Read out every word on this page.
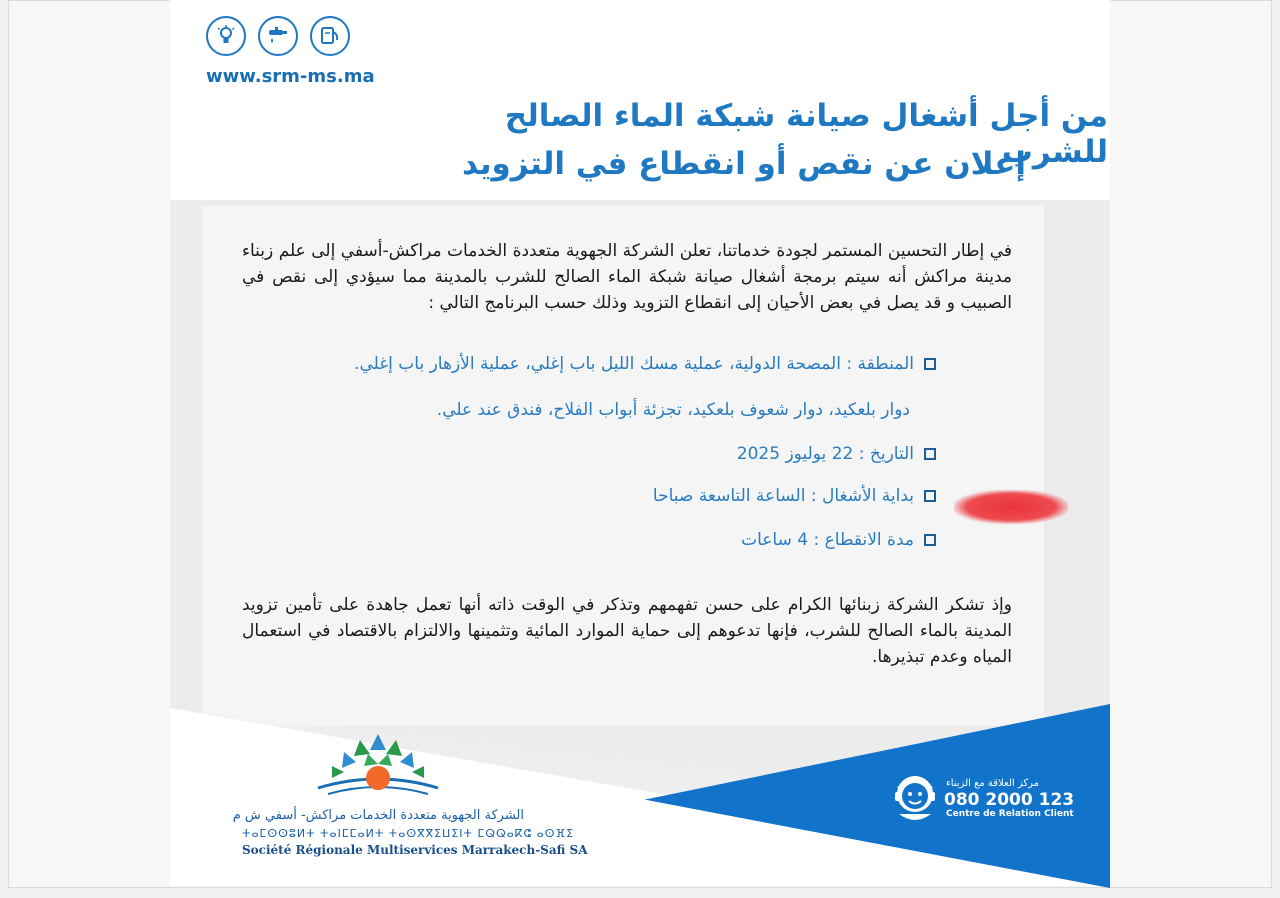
www.srm-ms.ma
من أجل أشغال صيانة شبكة الماء الصالح للشرب
إعلان عن نقص أو انقطاع في التزويد
في إطار التحسين المستمر لجودة خدماتنا، تعلن الشركة الجهوية متعددة الخدمات مراكش-أسفي إلى علم زبناء مدينة مراكش أنه سيتم برمجة أشغال صيانة شبكة الماء الصالح للشرب بالمدينة مما سيؤدي إلى نقص في الصبيب و قد يصل في بعض الأحيان إلى انقطاع التزويد وذلك حسب البرنامج التالي :
المنطقة : المصحة الدولية، عملية مسك الليل باب إغلي، عملية الأزهار باب إغلي.
دوار بلعكيد، دوار شعوف بلعكيد، تجزئة أبواب الفلاح، فندق عند علي.
التاريخ : 22 يوليوز 2025
بداية الأشغال : الساعة التاسعة صباحا
مدة الانقطاع : 4 ساعات
وإذ تشكر الشركة زبنائها الكرام على حسن تفهمهم وتذكر في الوقت ذاته أنها تعمل جاهدة على تأمين تزويد المدينة بالماء الصالح للشرب، فإنها تدعوهم إلى حماية الموارد المائية وتثمينها والالتزام بالاقتصاد في استعمال المياه وعدم تبذيرها.
الشركة الجهوية متعددة الخدمات مراكش- أسفي ش م
ⵜⴰⵎⵙⵙⵓⵍⵜ ⵜⴰⵏⵎⵎⴰⵍⵜ ⵜⴰⵙⴳⴳⵉⵡⵉⵏⵜ ⵎⵕⵕⴰⴽⵛ ⴰⵙⴼⵉ
Société Régionale Multiservices Marrakech-Safi SA
مركز العلاقة مع الزبناء
080 2000 123
Centre de Relation Client
